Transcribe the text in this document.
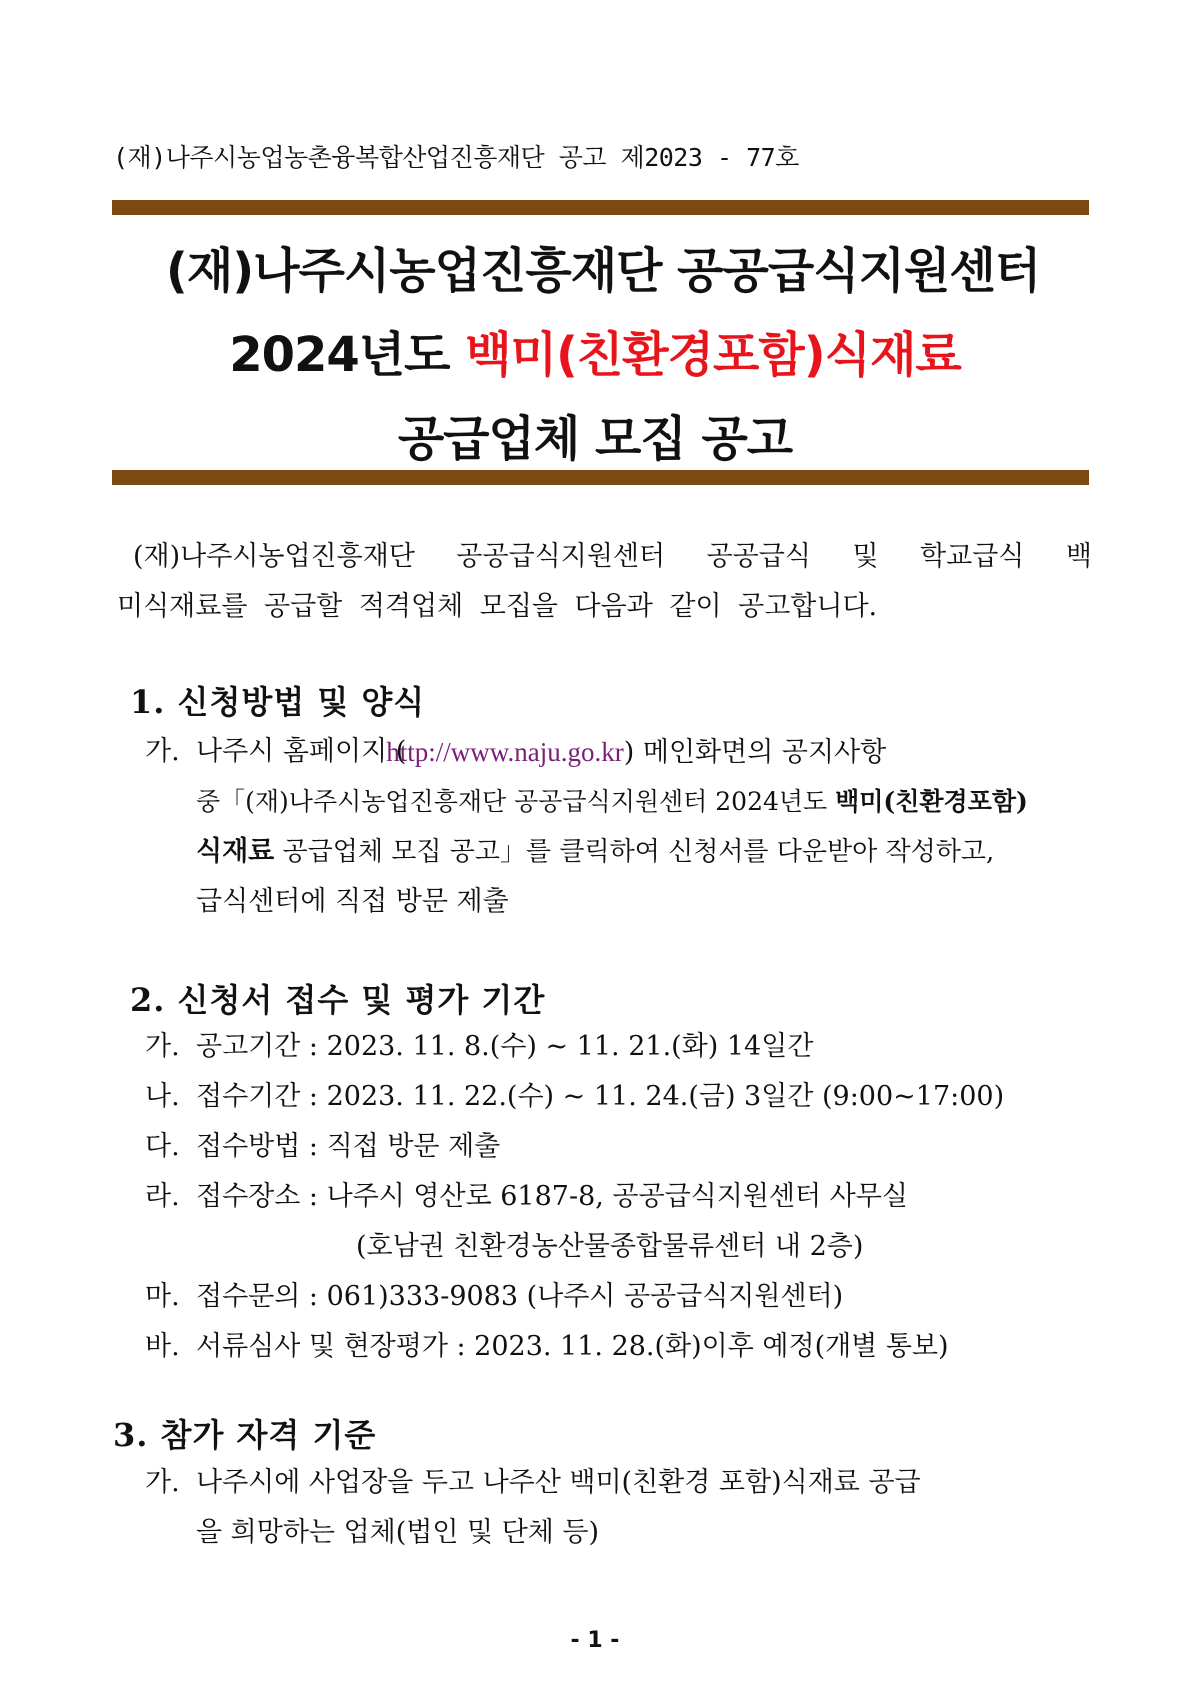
(재)나주시농업농촌융복합산업진흥재단 공고 제2023 - 77호
(재)나주시농업진흥재단 공공급식지원센터
2024년도 백미(친환경포함)식재료
공급업체 모집 공고
(재)나주시농업진흥재단 공공급식지원센터 공공급식 및 학교급식 백
미식재료를 공급할 적격업체 모집을 다음과 같이 공고합니다.
1. 신청방법 및 양식
가. 나주시 홈페이지 (
http://www.naju.go.kr) 메인화면의 공지사항
중「(재)나주시농업진흥재단 공공급식지원센터 2024년도 백미(친환경포함)
식재료 공급업체 모집 공고」를 클릭하여 신청서를 다운받아 작성하고,
급식센터에 직접 방문 제출
2. 신청서 접수 및 평가 기간
가. 공고기간 : 2023. 11. 8.(수) ~ 11. 21.(화) 14일간
나. 접수기간 : 2023. 11. 22.(수) ~ 11. 24.(금) 3일간 (9:00~17:00)
다. 접수방법 : 직접 방문 제출
라. 접수장소 : 나주시 영산로 6187-8, 공공급식지원센터 사무실
(호남권 친환경농산물종합물류센터 내 2층)
마. 접수문의 : 061)333-9083 (나주시 공공급식지원센터)
바. 서류심사 및 현장평가 : 2023. 11. 28.(화)이후 예정(개별 통보)
3. 참가 자격 기준
가. 나주시에 사업장을 두고 나주산 백미(친환경 포함)식재료 공급
을 희망하는 업체(법인 및 단체 등)
- 1 -
